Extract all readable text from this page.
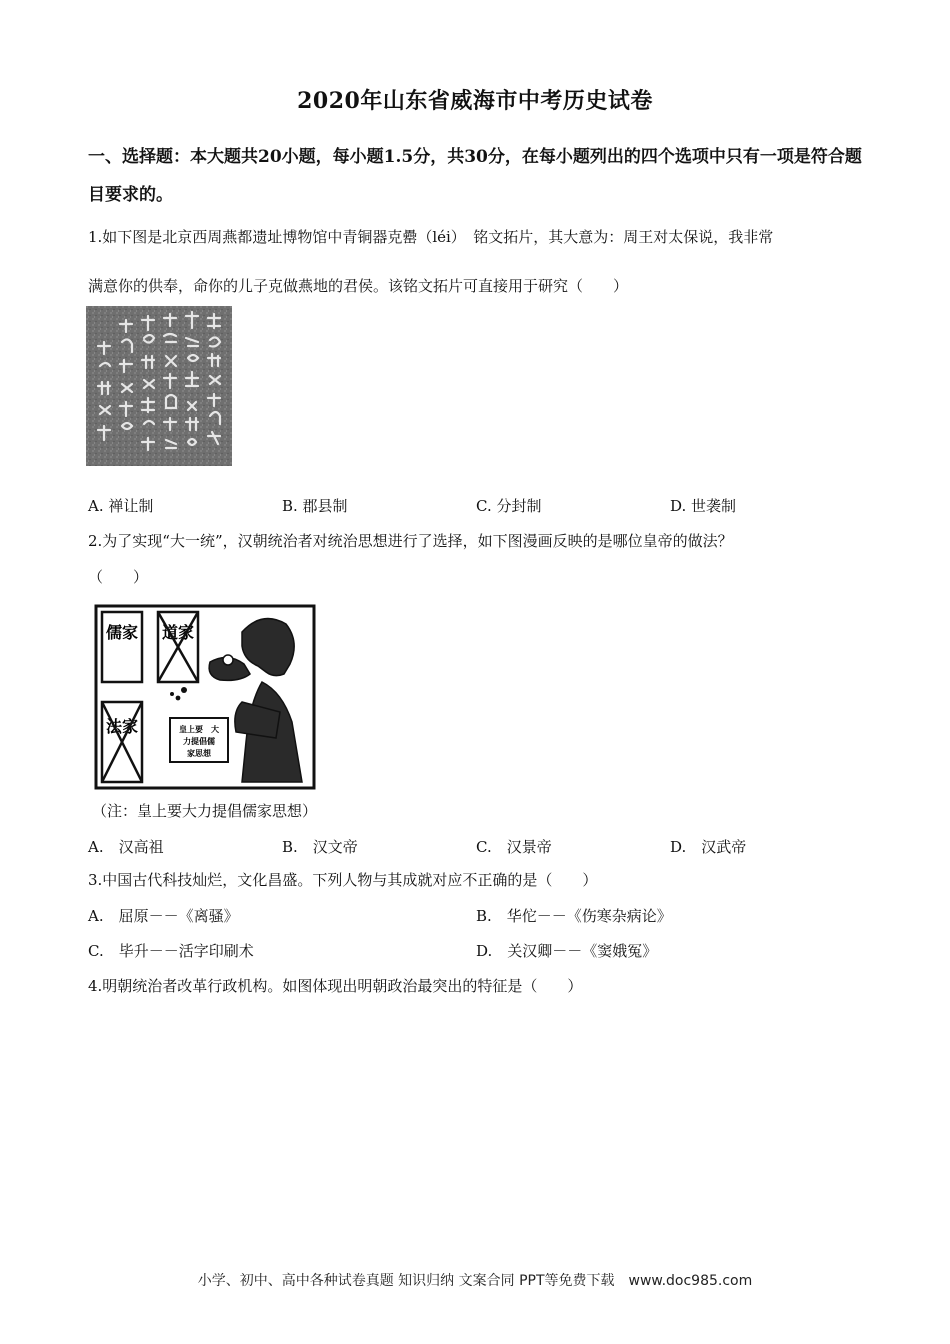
2020年山东省威海市中考历史试卷
一、选择题：本大题共20小题，每小题1.5分，共30分，在每小题列出的四个选项中只有一项是符合题目要求的。
1.如下图是北京西周燕都遗址博物馆中青铜器克罍（léi）　铭文拓片，其大意为：周王对太保说，我非常
满意你的供奉，命你的儿子克做燕地的君侯。该铭文拓片可直接用于研究（　　）
A. 禅让制	B. 郡县制	C. 分封制	D. 世袭制
2.为了实现“大一统”，汉朝统治者对统治思想进行了选择，如下图漫画反映的是哪位皇帝的做法？
（　　）
儒家 道家
法家	皇上要　大
力提倡儒
家思想
（注：皇上要大力提倡儒家思想）
A.　汉高祖	B.　汉文帝	C.　汉景帝	D.　汉武帝
3.中国古代科技灿烂，文化昌盛。下列人物与其成就对应不正确的是（　　）
A.　屈原－－《离骚》	B.　华佗－－《伤寒杂病论》
C.　毕升－－活字印刷术	D.　关汉卿－－《窦娥冤》
4.明朝统治者改革行政机构。如图体现出明朝政治最突出的特征是（　　）
小学、初中、高中各种试卷真题 知识归纳 文案合同 PPT等免费下载　www.doc985.com
